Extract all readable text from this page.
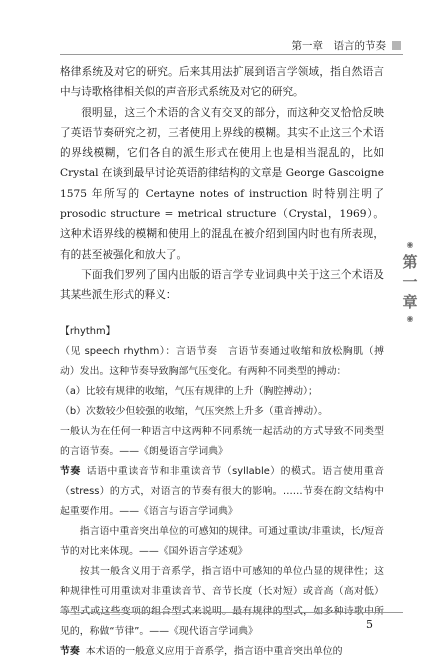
第一章　语言的节奏

格律系统及对它的研究。后来其用法扩展到语言学领域，指自然语言中与诗歌格律相关似的声音形式系统及对它的研究。

很明显，这三个术语的含义有交叉的部分，而这种交叉恰恰反映了英语节奏研究之初，三者使用上界线的模糊。其实不止这三个术语的界线模糊，它们各自的派生形式在使用上也是相当混乱的，比如 Crystal 在谈到最早讨论英语韵律结构的文章是 George Gascoigne 1575 年所写的 Certayne notes of instruction 时特别注明了 prosodic structure = metrical structure（Crystal，1969）。这种术语界线的模糊和使用上的混乱在被介绍到国内时也有所表现，有的甚至被强化和放大了。

下面我们罗列了国内出版的语言学专业词典中关于这三个术语及其某些派生形式的释义：

【rhythm】

（见 speech rhythm）：言语节奏　言语节奏通过收缩和放松胸肌（搏动）发出。这种节奏导致胸部气压变化。有两种不同类型的搏动：

（a）比较有规律的收缩，气压有规律的上升（胸腔搏动）；

（b）次数较少但较强的收缩，气压突然上升多（重音搏动）。

一般认为在任何一种语言中这两种不同系统一起活动的方式导致不同类型的言语节奏。——《朗曼语言学词典》

节奏 话语中重读音节和非重读音节（syllable）的模式。语言使用重音（stress）的方式，对语言的节奏有很大的影响。……节奏在韵文结构中起重要作用。——《语言与语言学词典》

指言语中重音突出单位的可感知的规律。可通过重读/非重读，长/短音节的对比来体现。——《国外语言学述观》

按其一般含义用于音系学，指言语中可感知的单位凸显的规律性；这种规律性可用重读对非重读音节、音节长度（长对短）或音高（高对低） 见的，称做“节律”。——《现代语言学词典》

节奏 本术语的一般意义应用于音系学，指言语中重音突出单位的

◉
第
一
章
◉
5
